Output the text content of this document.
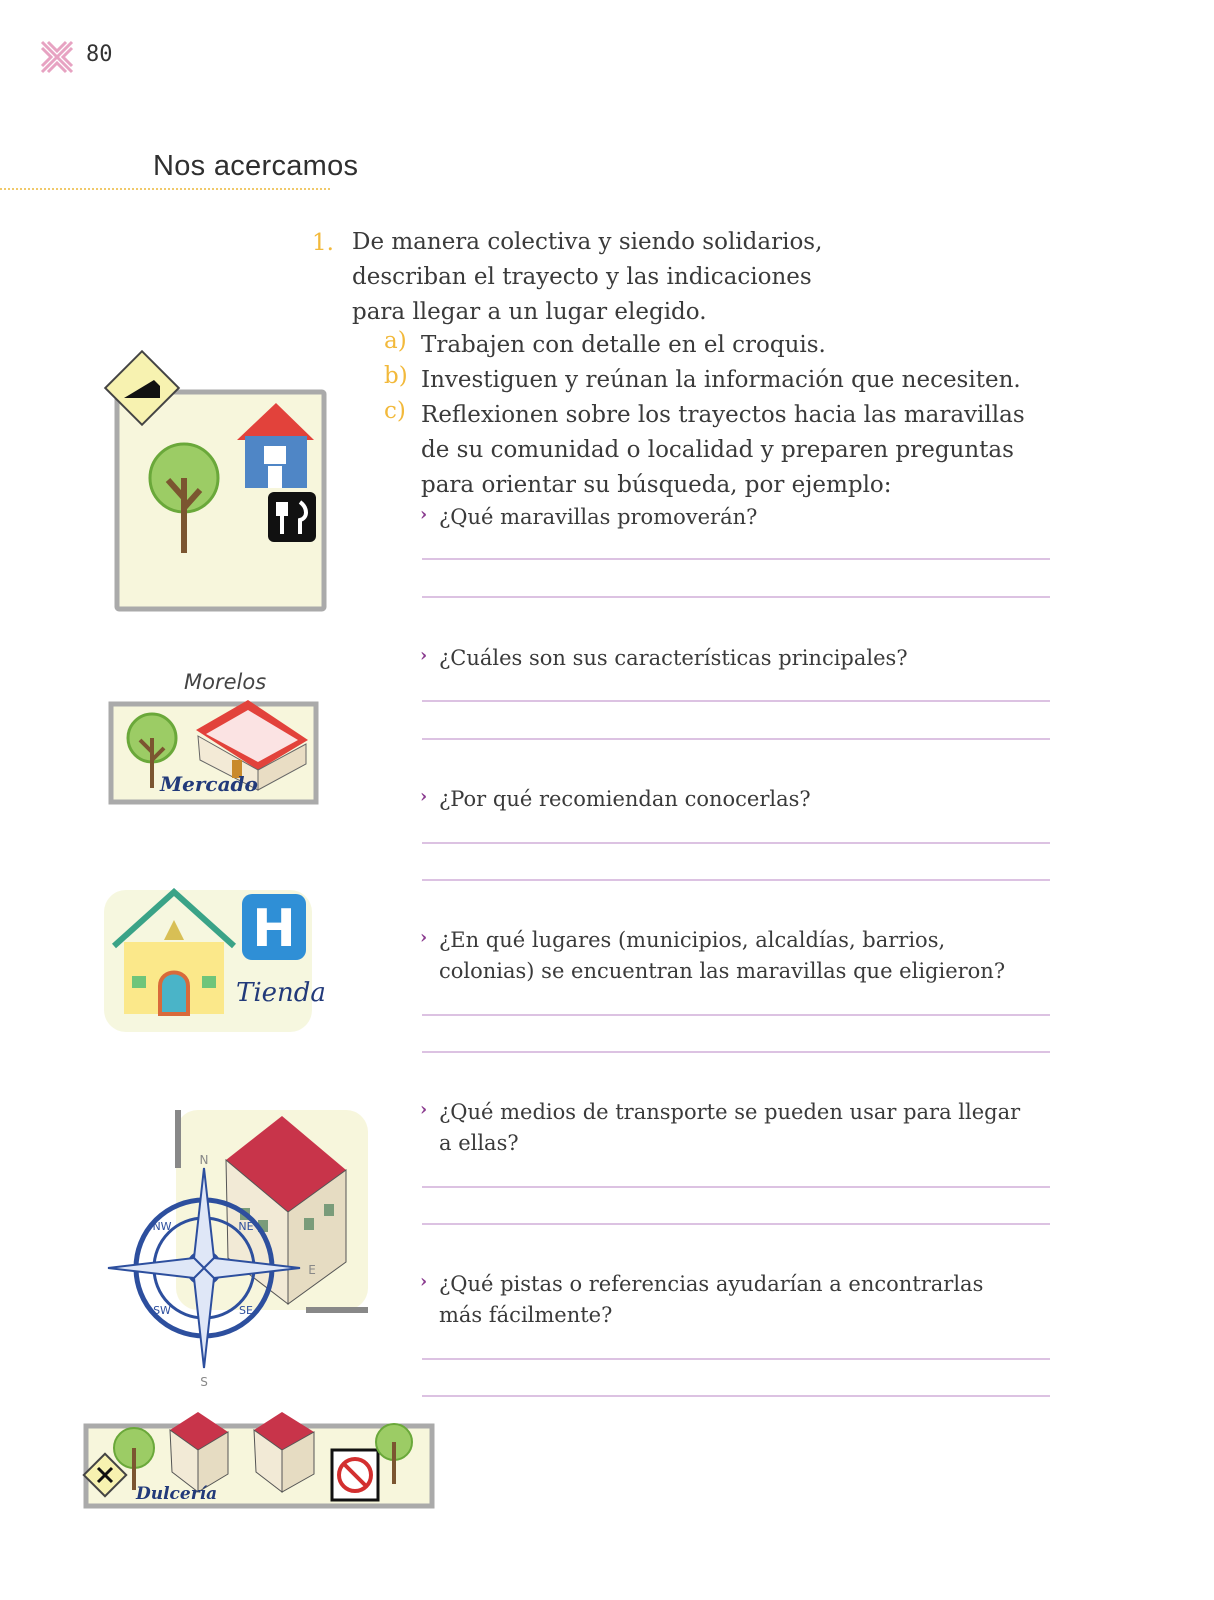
80
Nos acercamos
1. De manera colectiva y siendo solidarios,
describan el trayecto y las indicaciones
para llegar a un lugar elegido.
a) Trabajen con detalle en el croquis.
b) Investiguen y reúnan la información que necesiten.
c) Reflexionen sobre los trayectos hacia las maravillas
de su comunidad o localidad y preparen preguntas
para orientar su búsqueda, por ejemplo:
› ¿Qué maravillas promoverán?
› ¿Cuáles son sus características principales?
› ¿Por qué recomiendan conocerlas?
› ¿En qué lugares (municipios, alcaldías, barrios,
colonias) se encuentran las maravillas que eligieron?
› ¿Qué medios de transporte se pueden usar para llegar
a ellas?
› ¿Qué pistas o referencias ayudarían a encontrarlas
más fácilmente?
Morelos
Mercado
H
Tienda
N
E
S
NE
NW
SE
SW
Dulcería
